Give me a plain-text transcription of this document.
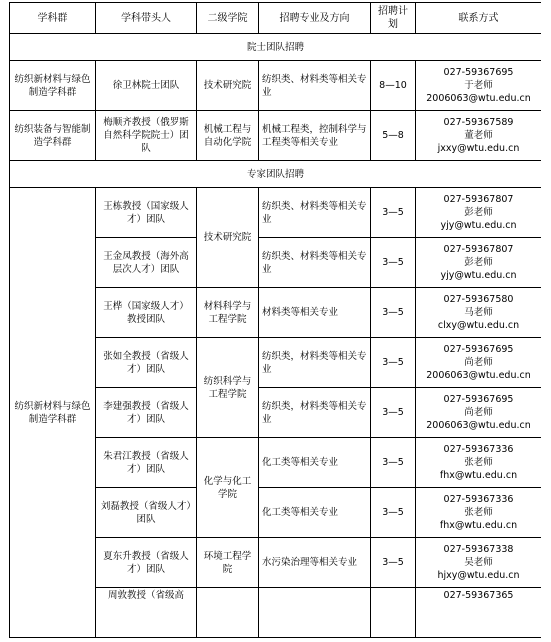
学科群	学科带头人	二级学院	招聘专业及方向	招聘计划	联系方式
院士团队招聘					
纺织新材料与绿色制造学科群	徐卫林院士团队	技术研究院	纺织类、材料类等相关专业	8—10	027-59367695
于老师
2006063@wtu.edu.cn

纺织装备与智能制造学科群	梅顺齐教授（俄罗斯自然科学院院士）团队	机械工程与自动化学院	机械工程类，控制科学与工程类等相关专业	5—8	027-59367589
董老师
jxxy@wtu.edu.cn

专家团队招聘					
纺织新材料与绿色制造学科群	王栋教授（国家级人才）团队	技术研究院	纺织类、材料类等相关专业	3—5	027-59367807
彭老师
yjy@wtu.edu.cn

	王金凤教授（海外高层次人才）团队		纺织类、材料类等相关专业	3—5	027-59367807
彭老师
yjy@wtu.edu.cn

	王桦（国家级人才）教授团队	材料科学与工程学院	材料类等相关专业	3—5	027-59367580
马老师
clxy@wtu.edu.cn

	张如全教授（省级人才）团队	纺织科学与工程学院	纺织类，材料类等相关专业	3—5	027-59367695
尚老师
2006063@wtu.edu.cn

	李建强教授（省级人才）团队		纺织类，材料类等相关专业	3—5	027-59367695
尚老师
2006063@wtu.edu.cn

	朱君江教授（省级人才）团队	化学与化工学院	化工类等相关专业	3—5	027-59367336
张老师
fhx@wtu.edu.cn

	刘磊教授（省级人才）团队		化工类等相关专业	3—5	027-59367336
张老师
fhx@wtu.edu.cn

	夏东升教授（省级人才）团队	环境工程学院	水污染治理等相关专业	3—5	027-59367338
吴老师
hjxy@wtu.edu.cn

	周敦教授（省级高				027-59367365
